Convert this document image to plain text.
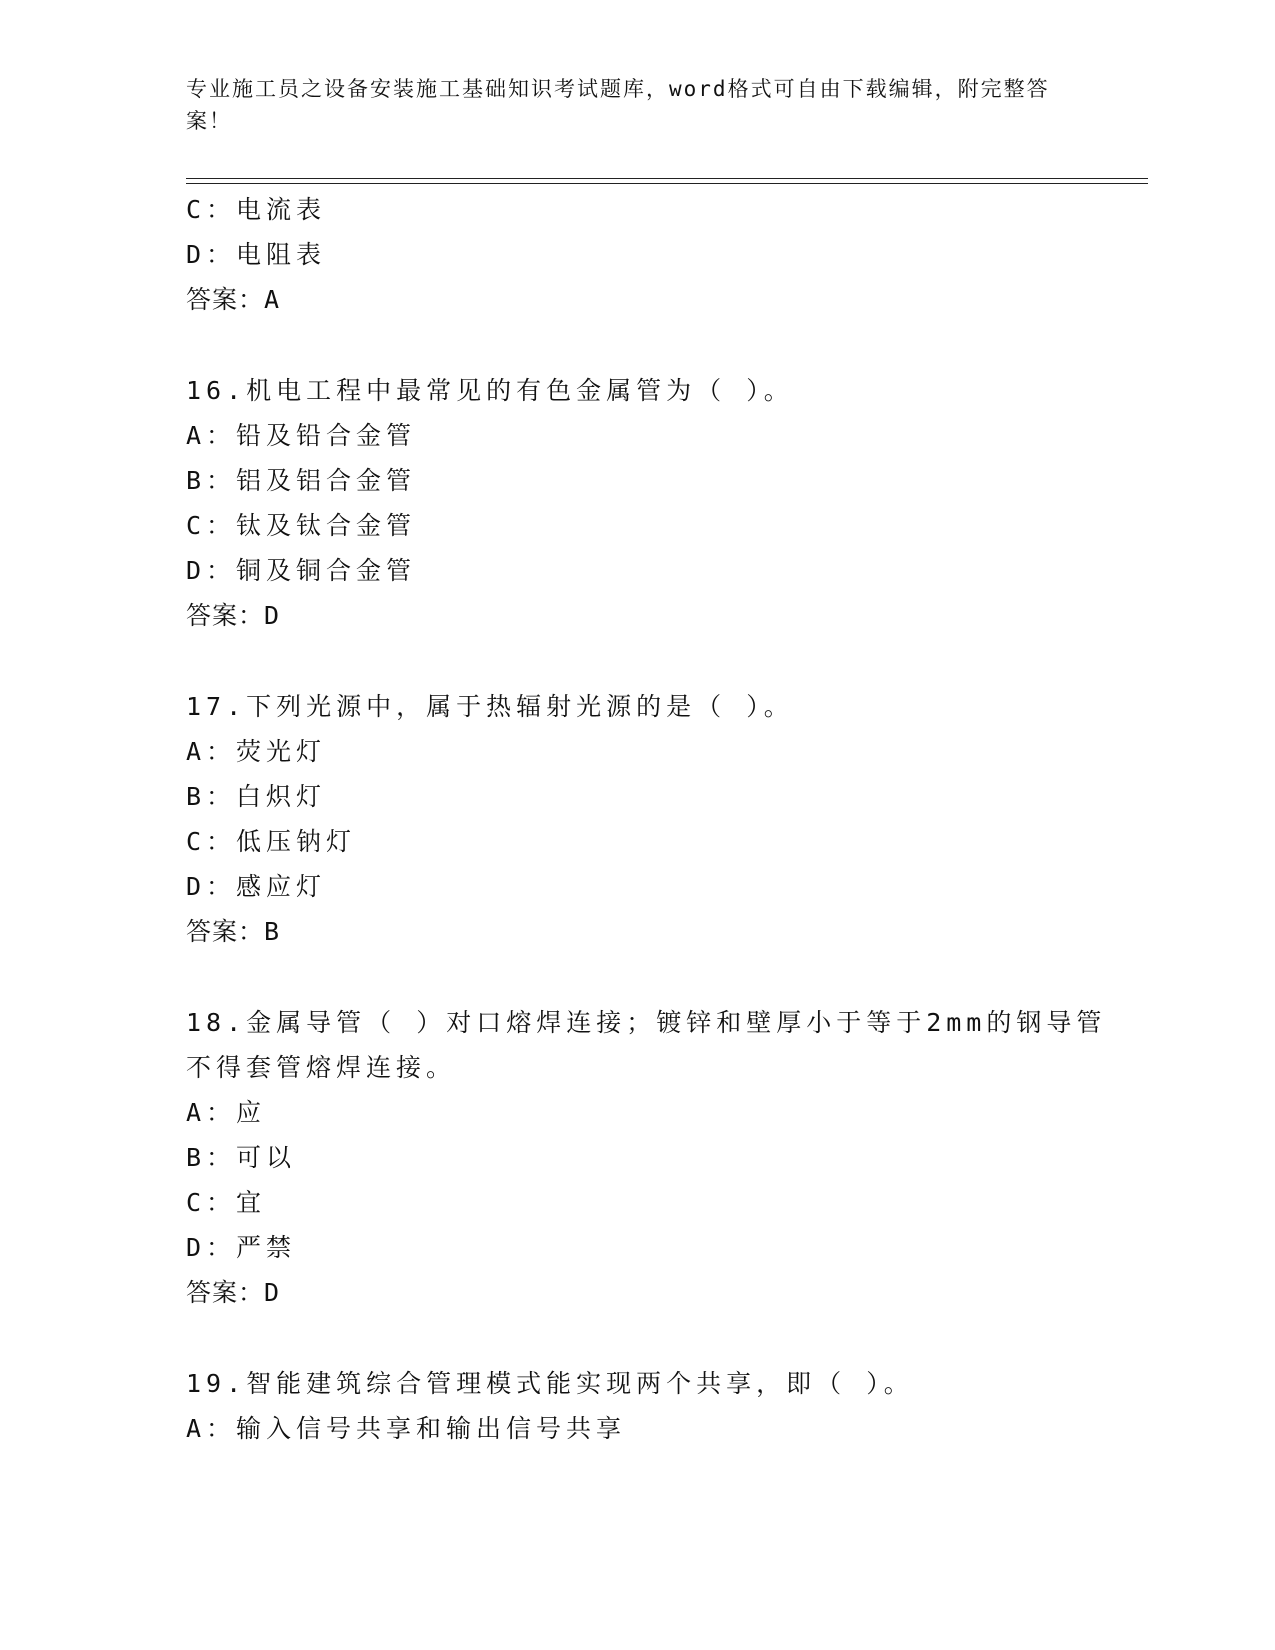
专业施工员之设备安装施工基础知识考试题库，word格式可自由下载编辑，附完整答案！
C：电流表
D：电阻表
答案：A
16.机电工程中最常见的有色金属管为（ ）。
A：铅及铅合金管
B：铝及铝合金管
C：钛及钛合金管
D：铜及铜合金管
答案：D
17.下列光源中，属于热辐射光源的是（ ）。
A：荧光灯
B：白炽灯
C：低压钠灯
D：感应灯
答案：B
18.金属导管（ ）对口熔焊连接；镀锌和壁厚小于等于2mm的钢导管
不得套管熔焊连接。
A：应
B：可以
C：宜
D：严禁
答案：D
19.智能建筑综合管理模式能实现两个共享，即（ ）。
A：输入信号共享和输出信号共享
